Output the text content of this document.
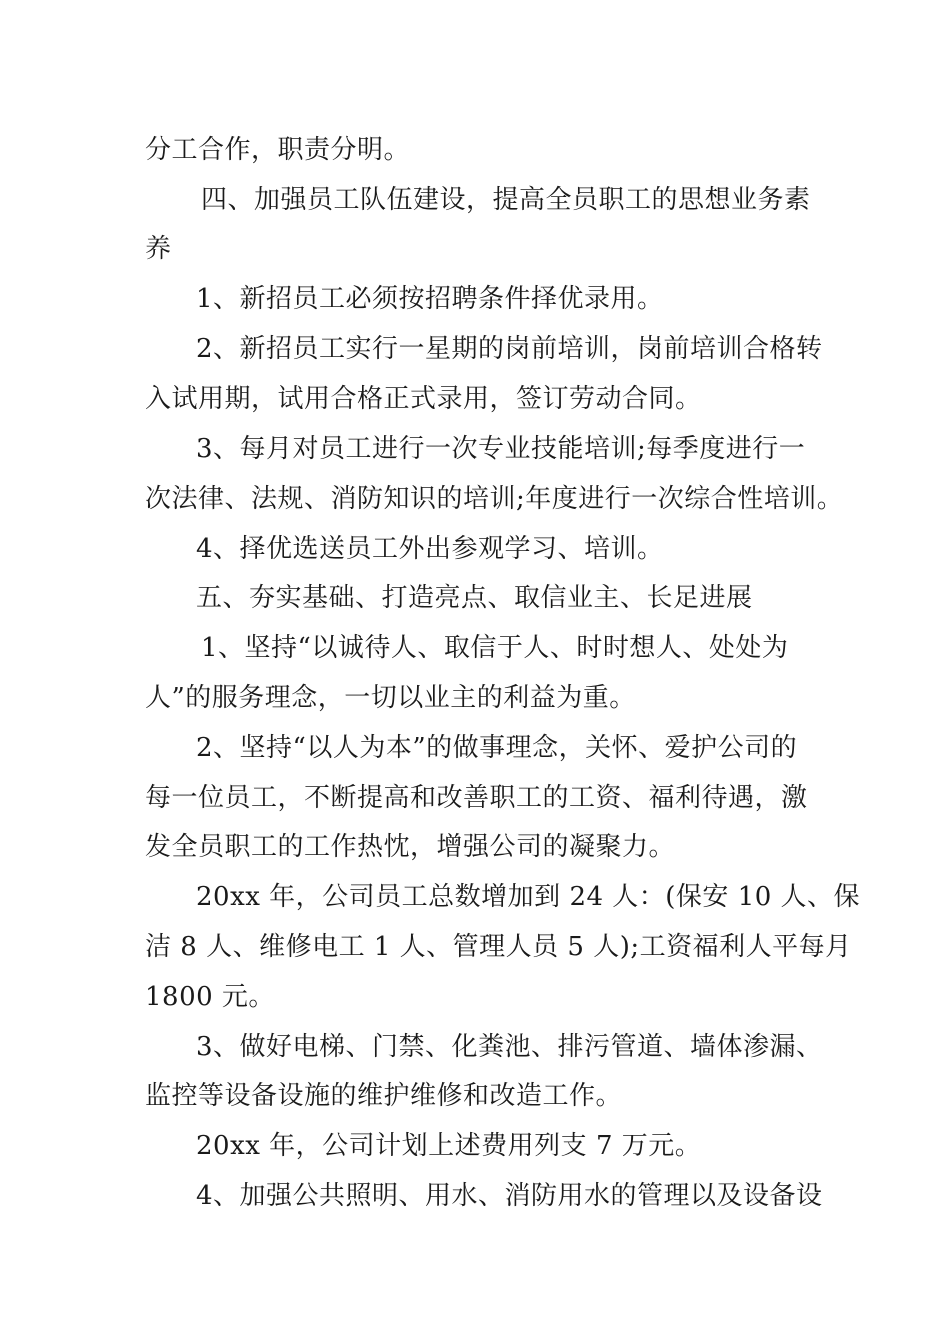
分工合作，职责分明。
四、加强员工队伍建设，提高全员职工的思想业务素
养
1、新招员工必须按招聘条件择优录用。
2、新招员工实行一星期的岗前培训，岗前培训合格转
入试用期，试用合格正式录用，签订劳动合同。
3、每月对员工进行一次专业技能培训;每季度进行一
次法律、法规、消防知识的培训;年度进行一次综合性培训。
4、择优选送员工外出参观学习、培训。
五、夯实基础、打造亮点、取信业主、长足进展
1、坚持“以诚待人、取信于人、时时想人、处处为
人”的服务理念，一切以业主的利益为重。
2、坚持“以人为本”的做事理念，关怀、爱护公司的
每一位员工，不断提高和改善职工的工资、福利待遇，激
发全员职工的工作热忱，增强公司的凝聚力。
20xx 年，公司员工总数增加到 24 人：(保安 10 人、保
洁 8 人、维修电工 1 人、管理人员 5 人);工资福利人平每月
1800 元。
3、做好电梯、门禁、化粪池、排污管道、墙体渗漏、
监控等设备设施的维护维修和改造工作。
20xx 年，公司计划上述费用列支 7 万元。
4、加强公共照明、用水、消防用水的管理以及设备设
